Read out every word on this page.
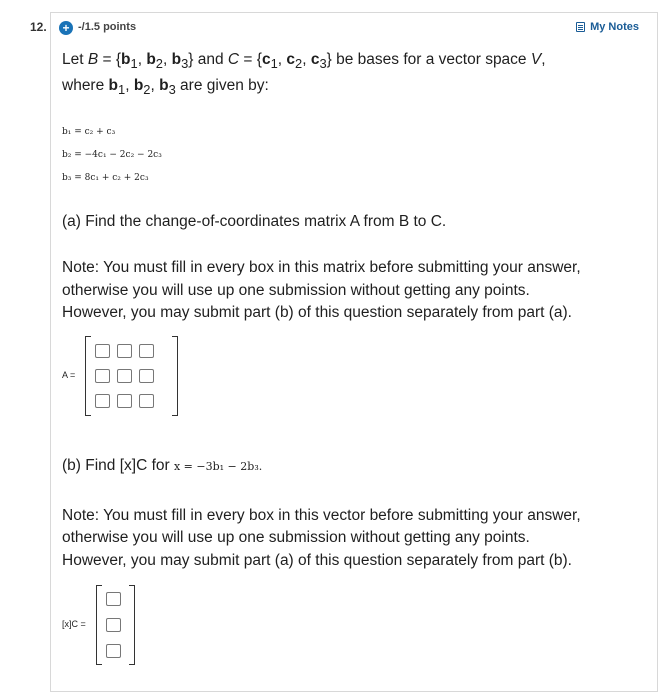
12. + -/1.5 points	My Notes
Let $B = \{b_1$, $b_2$, $b_3$} and $C = \{c_1$, $c_2$, $c_3$} be bases for a vector space V,
where $b_1$, $b_2$, $b_3$ are given by:
b₁ = c₂ + c₃
b₂ = −4c₁ − 2c₂ − 2c₃
b₃ = 8c₁ + c₂ + 2c₃
(a) Find the change-of-coordinates matrix A from B to C.
Note: You must fill in every box in this matrix before submitting your answer,
otherwise you will use up one submission without getting any points.
However, you may submit part (b) of this question separately from part (a).
A =
(b) Find [x]C for x = −3b₁ − 2b₃.
Note: You must fill in every box in this vector before submitting your answer,
otherwise you will use up one submission without getting any points.
However, you may submit part (a) of this question separately from part (b).
[x]C =
